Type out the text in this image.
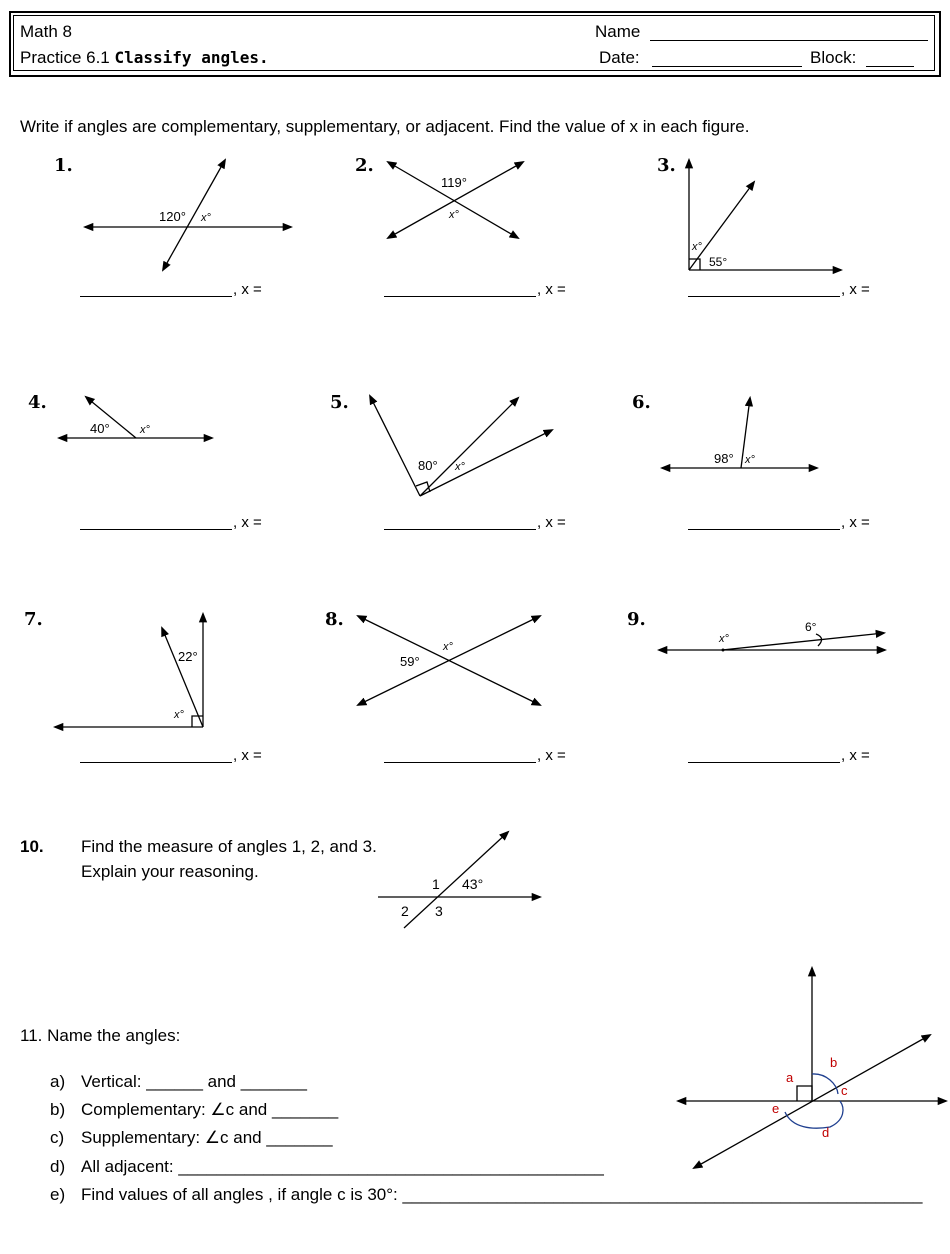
Math 8
Practice 6.1 Classify angles.
Name
Date:	Block:
Write if angles are complementary, supplementary, or adjacent. Find the value of x in each figure.
1.	2.	3.
4.	5.	6.
7.	8.	9.
, x =	, x =	, x =
, x =	, x =	, x =
, x =	, x =	, x =
120° x°
119°
x°
x°
55°
40°	x°
80° x°
98° x°
22°
x°
59°
x°
x°
6°
1 43°
2 3
a
b
c
d
e
10. Find the measure of angles 1, 2, and 3.
Explain your reasoning.
11. Name the angles:
a) Vertical: ______ and _______
b) Complementary: ∠c and _______
c) Supplementary: ∠c and _______
d) All adjacent: _____________________________________________
e) Find values of all angles , if angle c is 30°: _______________________________________________________
